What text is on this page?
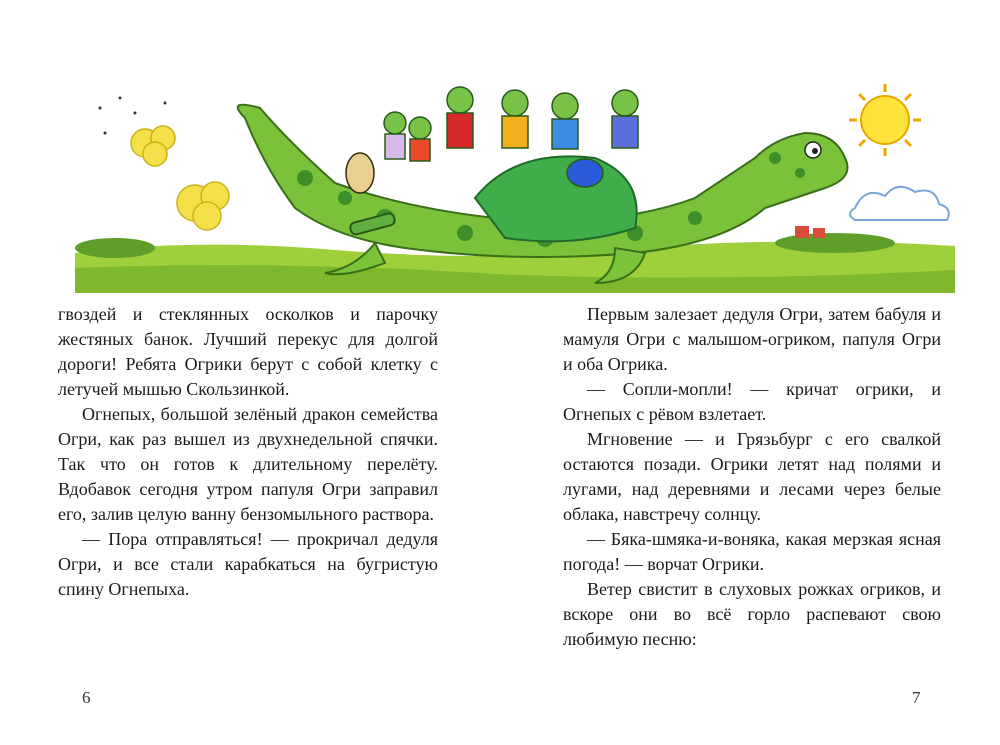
гвоздей и стеклянных осколков и парочку жестяных банок. Лучший перекус для долгой дороги! Ребята Огрики берут с собой клетку с летучей мышью Скользинкой.

Огнепых, большой зелёный дракон семейства Огри, как раз вышел из двухнедельной спячки. Так что он готов к длительному перелёту. Вдобавок сегодня утром папуля Огри заправил его, залив целую ванну бензомыльного раствора.

— Пора отправляться! — прокричал дедуля Огри, и все стали карабкаться на бугристую спину Огнепыха.

Первым залезает дедуля Огри, затем бабуля и мамуля Огри с малышом-огриком, папуля Огри и оба Огрика.

— Сопли-мопли! — кричат огрики, и Огнепых с рёвом взлетает.

Мгновение — и Грязьбург с его свалкой остаются позади. Огрики летят над полями и лугами, над деревнями и лесами через белые облака, навстречу солнцу.

— Бяка-шмяка-и-воняка, какая мерзкая ясная погода! — ворчат Огрики.

Ветер свистит в слуховых рожках огриков, и вскоре они во всё горло распевают свою любимую песню:

6	7
